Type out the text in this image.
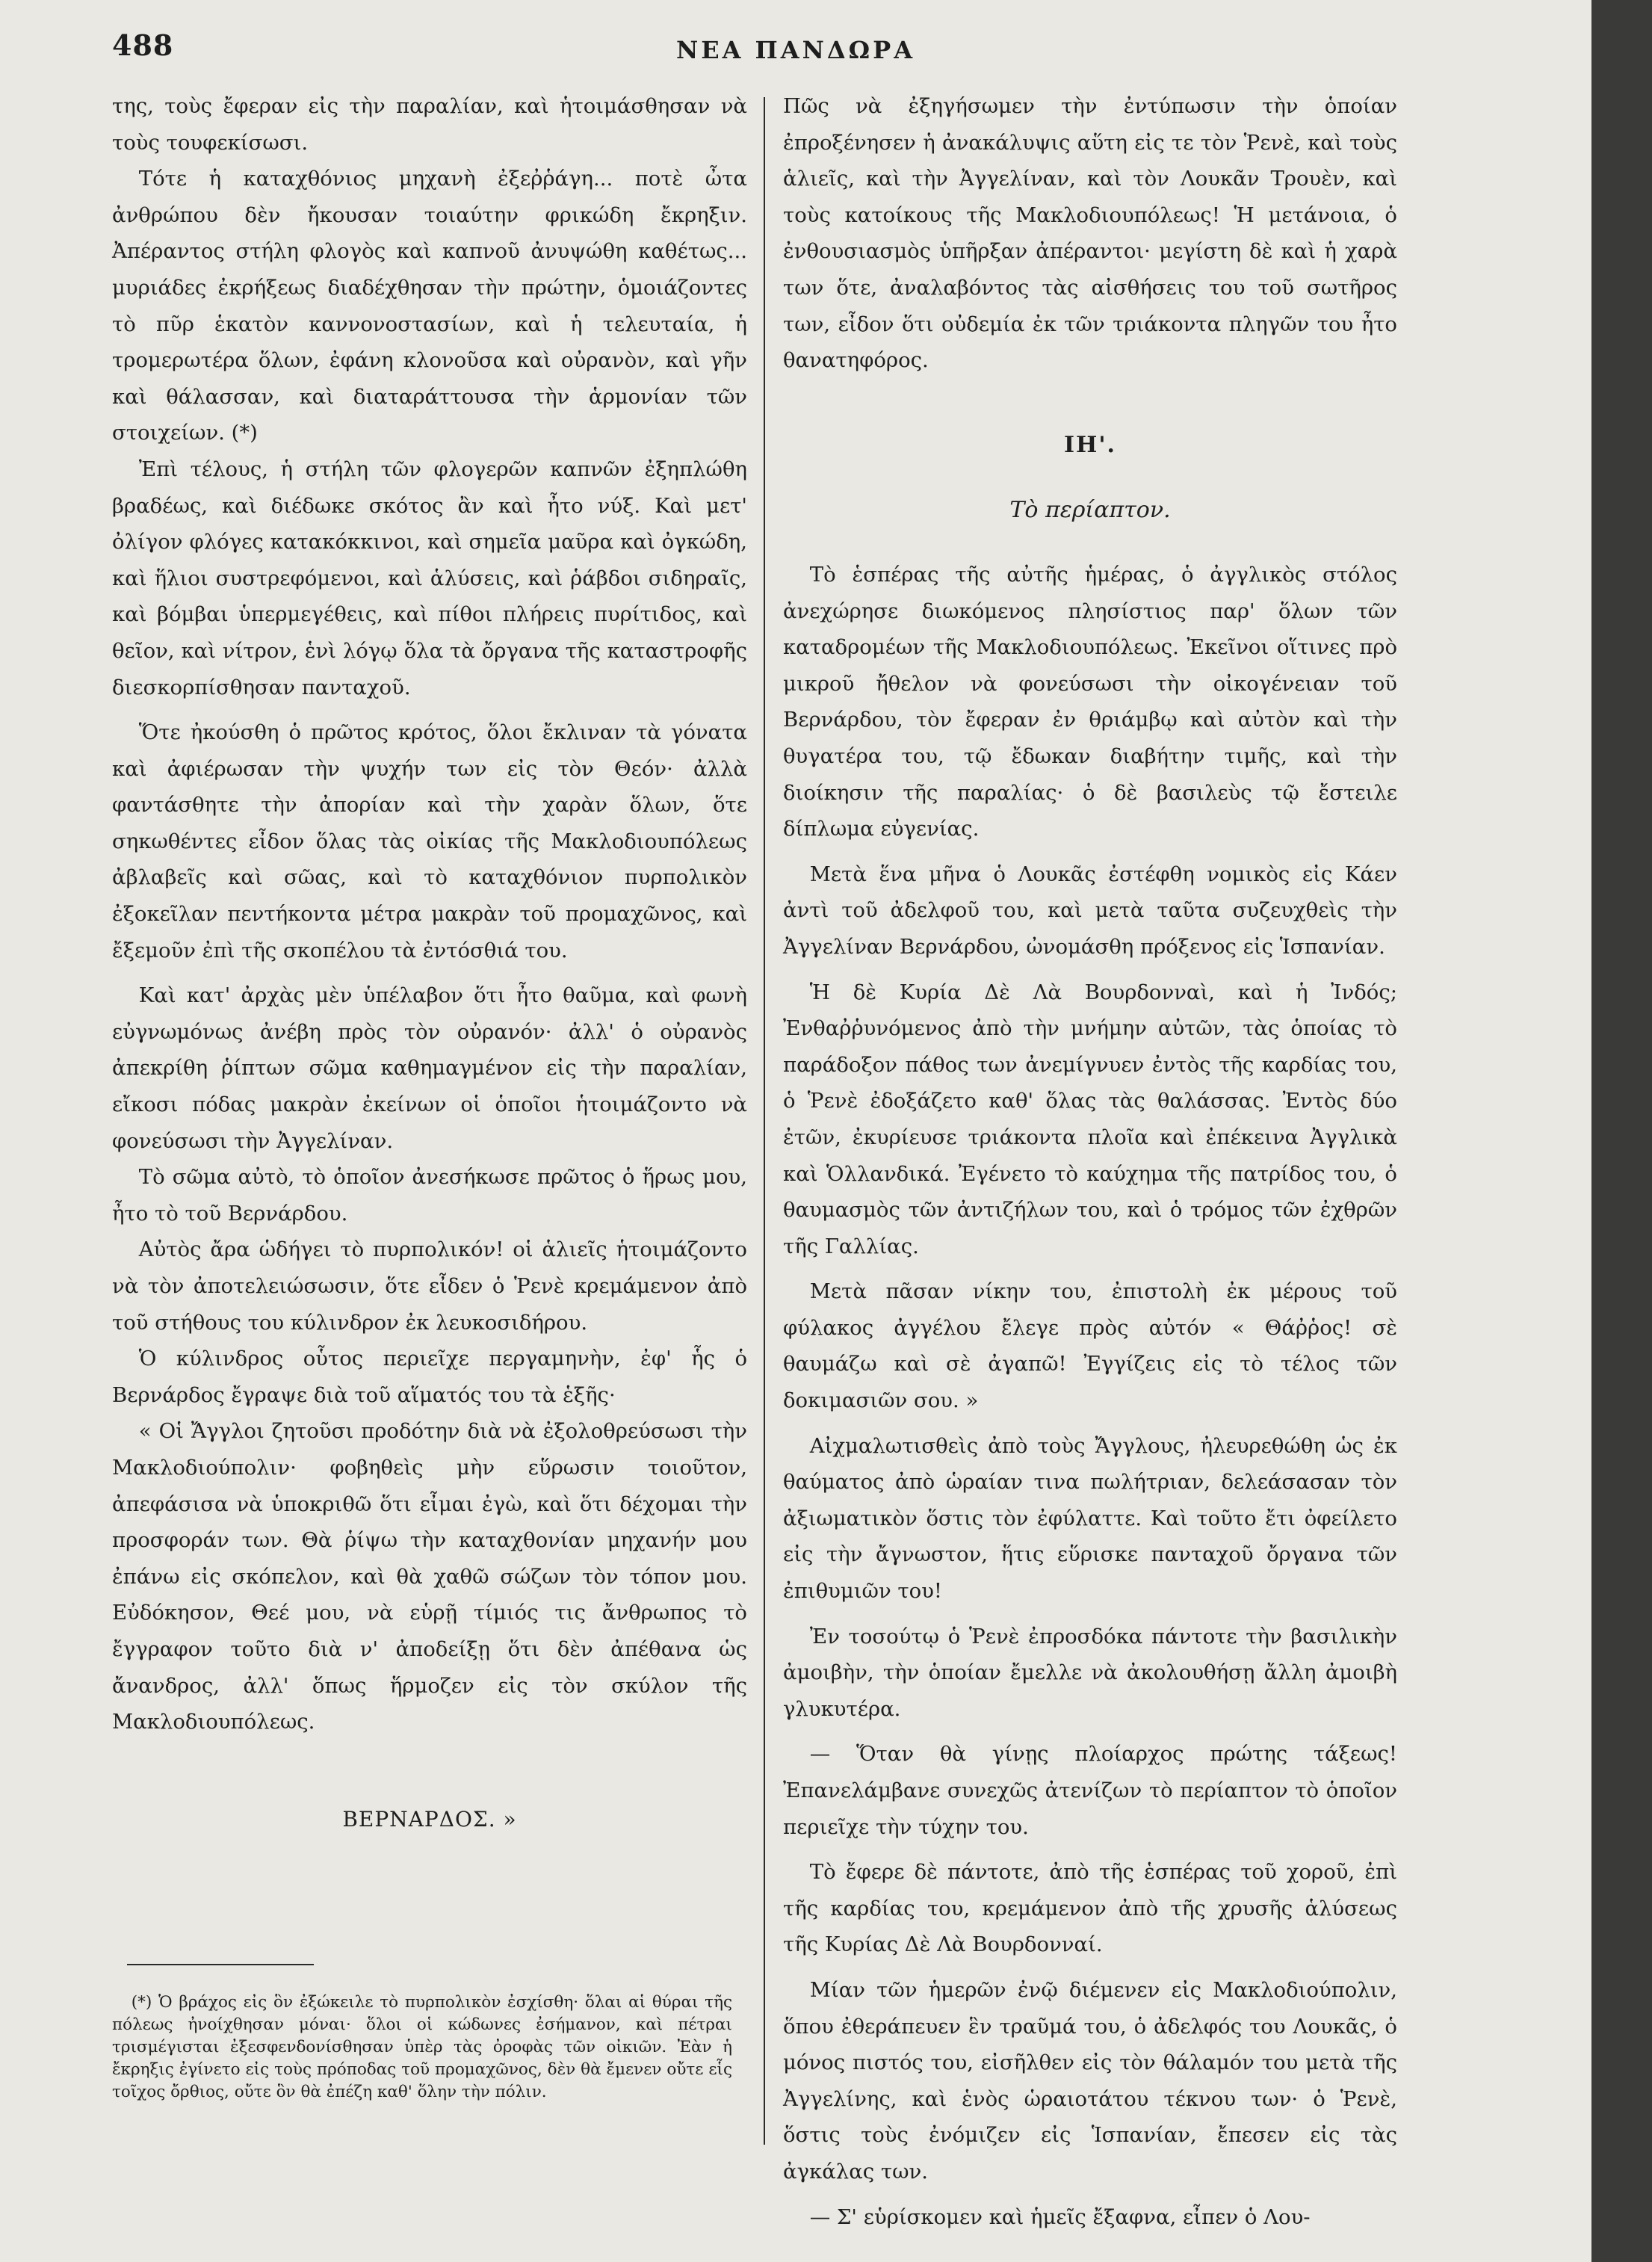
488	ΝΕΑ ΠΑΝΔΩΡΑ

της, τοὺς ἔφεραν εἰς τὴν παραλίαν, καὶ ἡτοιμάσθησαν νὰ τοὺς τουφεκίσωσι.

Τότε ἡ καταχθόνιος μηχανὴ ἐξεῤῥάγη... ποτὲ ὦτα ἀνθρώπου δὲν ἤκουσαν τοιαύτην φρικώδη ἔκρηξιν. Ἀπέραντος στήλη φλογὸς καὶ καπνοῦ ἀνυψώθη καθέτως... μυριάδες ἐκρήξεως διαδέχθησαν τὴν πρώτην, ὁμοιάζοντες τὸ πῦρ ἑκατὸν καννονοστασίων, καὶ ἡ τελευταία, ἡ τρομερωτέρα ὅλων, ἐφάνη κλονοῦσα καὶ οὐρανὸν, καὶ γῆν καὶ θάλασσαν, καὶ διαταράττουσα τὴν ἁρμονίαν τῶν στοιχείων. (*)

Ἐπὶ τέλους, ἡ στήλη τῶν φλογερῶν καπνῶν ἐξηπλώθη βραδέως, καὶ διέδωκε σκότος ἂν καὶ ἦτο νύξ. Καὶ μετ' ὀλίγον φλόγες κατακόκκινοι, καὶ σημεῖα μαῦρα καὶ ὀγκώδη, καὶ ἥλιοι συστρεφόμενοι, καὶ ἁλύσεις, καὶ ῥάβδοι σιδηραῖς, καὶ βόμβαι ὑπερμεγέθεις, καὶ πίθοι πλήρεις πυρίτιδος, καὶ θεῖον, καὶ νίτρον, ἑνὶ λόγῳ ὅλα τὰ ὄργανα τῆς καταστροφῆς διεσκορπίσθησαν πανταχοῦ.

Ὅτε ἠκούσθη ὁ πρῶτος κρότος, ὅλοι ἔκλιναν τὰ γόνατα καὶ ἀφιέρωσαν τὴν ψυχήν των εἰς τὸν Θεόν· ἀλλὰ φαντάσθητε τὴν ἀπορίαν καὶ τὴν χαρὰν ὅλων, ὅτε σηκωθέντες εἶδον ὅλας τὰς οἰκίας τῆς Μακλοδιουπόλεως ἀβλαβεῖς καὶ σῶας, καὶ τὸ καταχθόνιον πυρπολικὸν ἐξοκεῖλαν πεντήκοντα μέτρα μακρὰν τοῦ προμαχῶνος, καὶ ἔξεμοῦν ἐπὶ τῆς σκοπέλου τὰ ἐντόσθιά του.

Καὶ κατ' ἀρχὰς μὲν ὑπέλαβον ὅτι ἦτο θαῦμα, καὶ φωνὴ εὐγνωμόνως ἀνέβη πρὸς τὸν οὐρανόν· ἀλλ' ὁ οὐρανὸς ἀπεκρίθη ῥίπτων σῶμα καθημαγμένον εἰς τὴν παραλίαν, εἴκοσι πόδας μακρὰν ἐκείνων οἱ ὁποῖοι ἡτοιμάζοντο νὰ φονεύσωσι τὴν Ἀγγελίναν.

Τὸ σῶμα αὐτὸ, τὸ ὁποῖον ἀνεσήκωσε πρῶτος ὁ ἥρως μου, ἦτο τὸ τοῦ Βερνάρδου.

Αὐτὸς ἄρα ὡδήγει τὸ πυρπολικόν! οἱ ἁλιεῖς ἡτοιμάζοντο νὰ τὸν ἀποτελειώσωσιν, ὅτε εἶδεν ὁ Ῥενὲ κρεμάμενον ἀπὸ τοῦ στήθους του κύλινδρον ἐκ λευκοσιδήρου.

Ὁ κύλινδρος οὗτος περιεῖχε περγαμηνὴν, ἐφ' ἧς ὁ Βερνάρδος ἔγραψε διὰ τοῦ αἵματός του τὰ ἑξῆς·

« Οἱ Ἄγγλοι ζητοῦσι προδότην διὰ νὰ ἐξολοθρεύσωσι τὴν Μακλοδιούπολιν· φοβηθεὶς μὴν εὕρωσιν τοιοῦτον, ἀπεφάσισα νὰ ὑποκριθῶ ὅτι εἶμαι ἐγὼ, καὶ ὅτι δέχομαι τὴν προσφοράν των. Θὰ ῥίψω τὴν καταχθονίαν μηχανήν μου ἐπάνω εἰς σκόπελον, καὶ θὰ χαθῶ σώζων τὸν τόπον μου. Εὐδόκησον, Θεέ μου, νὰ εὑρῇ τίμιός τις ἄνθρωπος τὸ ἔγγραφον τοῦτο διὰ ν' ἀποδείξῃ ὅτι δὲν ἀπέθανα ὡς ἄνανδρος, ἀλλ' ὅπως ἥρμοζεν εἰς τὸν σκύλον τῆς Μακλοδιουπόλεως.

ΒΕΡΝΑΡΔΟΣ. »

(*) Ὁ βράχος εἰς ὃν ἐξώκειλε τὸ πυρπολικὸν ἐσχίσθη· ὅλαι αἱ θύραι τῆς πόλεως ἠνοίχθησαν μόναι· ὅλοι οἱ κώδωνες ἐσήμανον, καὶ πέτραι τρισμέγισται ἐξεσφενδονίσθησαν ὑπὲρ τὰς ὀροφὰς τῶν οἰκιῶν. Ἐὰν ἡ ἔκρηξις ἐγίνετο εἰς τοὺς πρόποδας τοῦ προμαχῶνος, δὲν θὰ ἔμενεν οὔτε εἷς τοῖχος ὄρθιος, οὔτε ὃν θὰ ἐπέζη καθ' ὅλην τὴν πόλιν.

Πῶς νὰ ἐξηγήσωμεν τὴν ἐντύπωσιν τὴν ὁποίαν ἐπροξένησεν ἡ ἀνακάλυψις αὕτη εἰς τε τὸν Ῥενὲ, καὶ τοὺς ἁλιεῖς, καὶ τὴν Ἀγγελίναν, καὶ τὸν Λουκᾶν Τρουὲν, καὶ τοὺς κατοίκους τῆς Μακλοδιουπόλεως! Ἡ μετάνοια, ὁ ἐνθουσιασμὸς ὑπῆρξαν ἀπέραντοι· μεγίστη δὲ καὶ ἡ χαρὰ των ὅτε, ἀναλαβόντος τὰς αἰσθήσεις του τοῦ σωτῆρος των, εἶδον ὅτι οὐδεμία ἐκ τῶν τριάκοντα πληγῶν του ἦτο θανατηφόρος.

ΙΗ'.
Τὸ περίαπτον.

Τὸ ἑσπέρας τῆς αὐτῆς ἡμέρας, ὁ ἀγγλικὸς στόλος ἀνεχώρησε διωκόμενος πλησίστιος παρ' ὅλων τῶν καταδρομέων τῆς Μακλοδιουπόλεως. Ἐκεῖνοι οἵτινες πρὸ μικροῦ ἤθελον νὰ φονεύσωσι τὴν οἰκογένειαν τοῦ Βερνάρδου, τὸν ἔφεραν ἐν θριάμβῳ καὶ αὐτὸν καὶ τὴν θυγατέρα του, τῷ ἔδωκαν διαβήτην τιμῆς, καὶ τὴν διοίκησιν τῆς παραλίας· ὁ δὲ βασιλεὺς τῷ ἔστειλε δίπλωμα εὐγενίας.

Μετὰ ἕνα μῆνα ὁ Λουκᾶς ἐστέφθη νομικὸς εἰς Κάεν ἀντὶ τοῦ ἀδελφοῦ του, καὶ μετὰ ταῦτα συζευχθεὶς τὴν Ἀγγελίναν Βερνάρδου, ὠνομάσθη πρόξενος εἰς Ἱσπανίαν.

Ἡ δὲ Κυρία Δὲ Λὰ Βουρδονναὶ, καὶ ἡ Ἰνδός; Ἐνθαῤῥυνόμενος ἀπὸ τὴν μνήμην αὐτῶν, τὰς ὁποίας τὸ παράδοξον πάθος των ἀνεμίγνυεν ἐντὸς τῆς καρδίας του, ὁ Ῥενὲ ἐδοξάζετο καθ' ὅλας τὰς θαλάσσας. Ἐντὸς δύο ἐτῶν, ἐκυρίευσε τριάκοντα πλοῖα καὶ ἐπέκεινα Ἀγγλικὰ καὶ Ὁλλανδικά. Ἐγένετο τὸ καύχημα τῆς πατρίδος του, ὁ θαυμασμὸς τῶν ἀντιζήλων του, καὶ ὁ τρόμος τῶν ἐχθρῶν τῆς Γαλλίας.

Μετὰ πᾶσαν νίκην του, ἐπιστολὴ ἐκ μέρους τοῦ φύλακος ἀγγέλου ἔλεγε πρὸς αὐτόν « Θάῤῥος! σὲ θαυμάζω καὶ σὲ ἀγαπῶ! Ἐγγίζεις εἰς τὸ τέλος τῶν δοκιμασιῶν σου. »

Αἰχμαλωτισθεὶς ἀπὸ τοὺς Ἄγγλους, ἠλευρεθώθη ὡς ἐκ θαύματος ἀπὸ ὡραίαν τινα πωλήτριαν, δελεάσασαν τὸν ἀξιωματικὸν ὅστις τὸν ἐφύλαττε. Καὶ τοῦτο ἔτι ὀφείλετο εἰς τὴν ἄγνωστον, ἥτις εὕρισκε πανταχοῦ ὄργανα τῶν ἐπιθυμιῶν του!

Ἐν τοσούτῳ ὁ Ῥενὲ ἐπροσδόκα πάντοτε τὴν βασιλικὴν ἀμοιβὴν, τὴν ὁποίαν ἔμελλε νὰ ἀκολουθήσῃ ἄλλη ἀμοιβὴ γλυκυτέρα.

— Ὅταν θὰ γίνῃς πλοίαρχος πρώτης τάξεως! Ἐπανελάμβανε συνεχῶς ἀτενίζων τὸ περίαπτον τὸ ὁποῖον περιεῖχε τὴν τύχην του.

Τὸ ἔφερε δὲ πάντοτε, ἀπὸ τῆς ἑσπέρας τοῦ χοροῦ, ἐπὶ τῆς καρδίας του, κρεμάμενον ἀπὸ τῆς χρυσῆς ἁλύσεως τῆς Κυρίας Δὲ Λὰ Βουρδονναί.

Μίαν τῶν ἡμερῶν ἐνῷ διέμενεν εἰς Μακλοδιούπολιν, ὅπου ἐθεράπευεν ἓν τραῦμά του, ὁ ἀδελφός του Λουκᾶς, ὁ μόνος πιστός του, εἰσῆλθεν εἰς τὸν θάλαμόν του μετὰ τῆς Ἀγγελίνης, καὶ ἑνὸς ὡραιοτάτου τέκνου των· ὁ Ῥενὲ, ὅστις τοὺς ἐνόμιζεν εἰς Ἱσπανίαν, ἔπεσεν εἰς τὰς ἀγκάλας των.

— Σ' εὑρίσκομεν καὶ ἡμεῖς ἔξαφνα, εἶπεν ὁ Λου-
